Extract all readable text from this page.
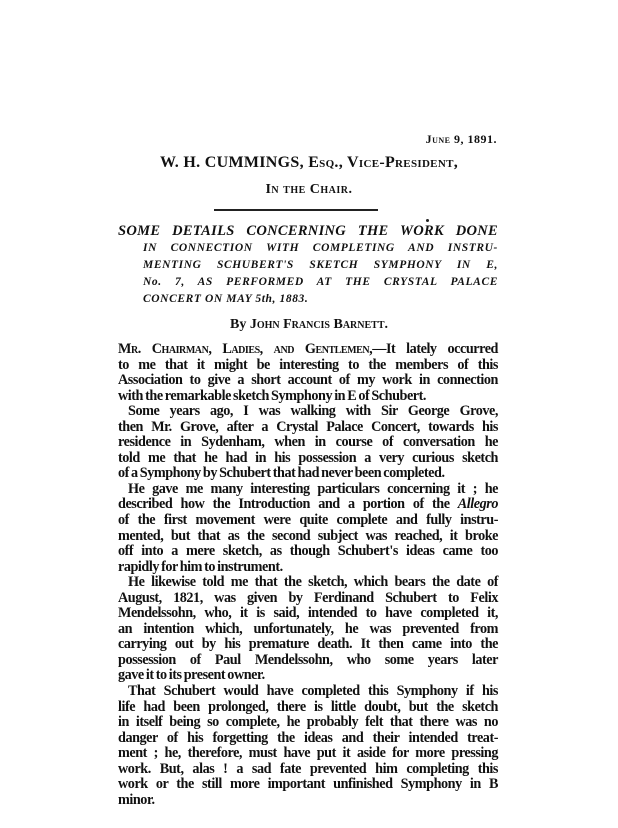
June 9, 1891.
W. H. CUMMINGS, Esq., Vice-President,
In the Chair.
SOME DETAILS CONCERNING THE WORK DONE
IN CONNECTION WITH COMPLETING AND INSTRU-
MENTING SCHUBERT'S SKETCH SYMPHONY IN E,
No. 7, AS PERFORMED AT THE CRYSTAL PALACE
CONCERT ON MAY 5th, 1883.
By John Francis Barnett.
Mr. Chairman, Ladies, and Gentlemen,—It lately occurred
to me that it might be interesting to the members of this
Association to give a short account of my work in connection
with the remarkable sketch Symphony in E of Schubert.
Some years ago, I was walking with Sir George Grove,
then Mr. Grove, after a Crystal Palace Concert, towards his
residence in Sydenham, when in course of conversation he
told me that he had in his possession a very curious sketch
of a Symphony by Schubert that had never been completed.
He gave me many interesting particulars concerning it ; he
described how the Introduction and a portion of the Allegro
of the first movement were quite complete and fully instru-
mented, but that as the second subject was reached, it broke
off into a mere sketch, as though Schubert's ideas came too
rapidly for him to instrument.
He likewise told me that the sketch, which bears the date of
August, 1821, was given by Ferdinand Schubert to Felix
Mendelssohn, who, it is said, intended to have completed it,
an intention which, unfortunately, he was prevented from
carrying out by his premature death. It then came into the
possession of Paul Mendelssohn, who some years later
gave it to its present owner.
That Schubert would have completed this Symphony if his
life had been prolonged, there is little doubt, but the sketch
in itself being so complete, he probably felt that there was no
danger of his forgetting the ideas and their intended treat-
ment ; he, therefore, must have put it aside for more pressing
work. But, alas ! a sad fate prevented him completing this
work or the still more important unfinished Symphony in B
minor.
